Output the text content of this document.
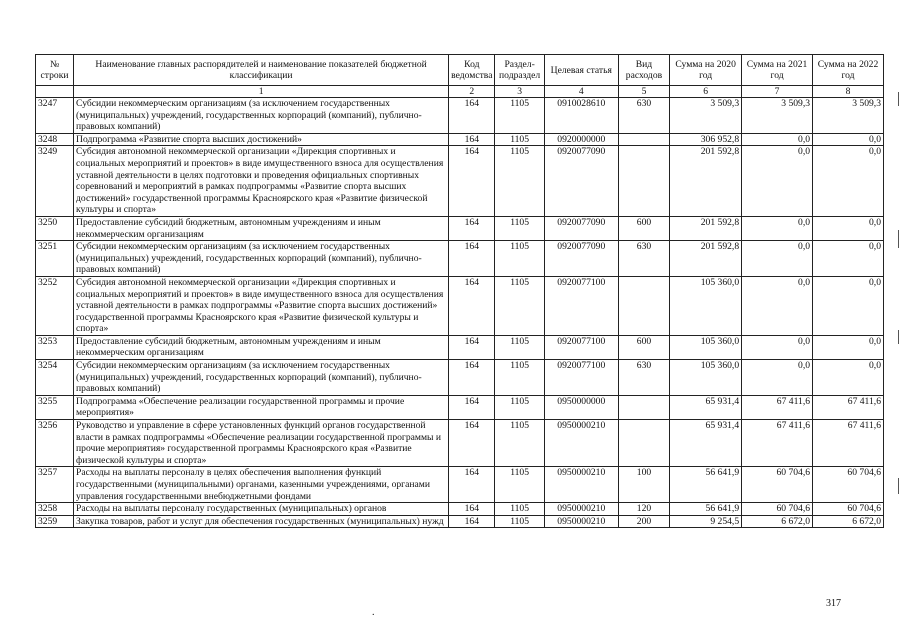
№ строки	Наименование главных распорядителей и наименование показателей бюджетной классификации	Код ведомства	Раздел-подраздел	Целевая статья	Вид расходов	Сумма на 2020 год	Сумма на 2021 год	Сумма на 2022 год
	1	2	3	4	5	6	7	8
3247	Субсидии некоммерческим организациям (за исключением государственных (муниципальных) учреждений, государственных корпораций (компаний), публично-правовых компаний)	164	1105	0910028610	630	3 509,3	3 509,3	3 509,3
3248	Подпрограмма «Развитие спорта высших достижений»	164	1105	0920000000		306 952,8	0,0	0,0
3249	Субсидия автономной некоммерческой организации «Дирекция спортивных и социальных мероприятий и проектов» в виде имущественного взноса для осуществления уставной деятельности в целях подготовки и проведения официальных спортивных соревнований и мероприятий в рамках подпрограммы «Развитие спорта высших достижений» государственной программы Красноярского края «Развитие физической культуры и спорта»	164	1105	0920077090		201 592,8	0,0	0,0
3250	Предоставление субсидий бюджетным, автономным учреждениям и иным некоммерческим организациям	164	1105	0920077090	600	201 592,8	0,0	0,0
3251	Субсидии некоммерческим организациям (за исключением государственных (муниципальных) учреждений, государственных корпораций (компаний), публично-правовых компаний)	164	1105	0920077090	630	201 592,8	0,0	0,0
3252	Субсидия автономной некоммерческой организации «Дирекция спортивных и социальных мероприятий и проектов» в виде имущественного взноса для осуществления уставной деятельности в рамках подпрограммы «Развитие спорта высших достижений» государственной программы Красноярского края «Развитие физической культуры и спорта»	164	1105	0920077100		105 360,0	0,0	0,0
3253	Предоставление субсидий бюджетным, автономным учреждениям и иным некоммерческим организациям	164	1105	0920077100	600	105 360,0	0,0	0,0
3254	Субсидии некоммерческим организациям (за исключением государственных (муниципальных) учреждений, государственных корпораций (компаний), публично-правовых компаний)	164	1105	0920077100	630	105 360,0	0,0	0,0
3255	Подпрограмма «Обеспечение реализации государственной программы и прочие мероприятия»	164	1105	0950000000		65 931,4	67 411,6	67 411,6
3256	Руководство и управление в сфере установленных функций органов государственной власти в рамках подпрограммы «Обеспечение реализации государственной программы и прочие мероприятия» государственной программы Красноярского края «Развитие физической культуры и спорта»	164	1105	0950000210		65 931,4	67 411,6	67 411,6
3257	Расходы на выплаты персоналу в целях обеспечения выполнения функций государственными (муниципальными) органами, казенными учреждениями, органами управления государственными внебюджетными фондами	164	1105	0950000210	100	56 641,9	60 704,6	60 704,6
3258	Расходы на выплаты персоналу государственных (муниципальных) органов	164	1105	0950000210	120	56 641,9	60 704,6	60 704,6
3259	Закупка товаров, работ и услуг для обеспечения государственных (муниципальных) нужд	164	1105	0950000210	200	9 254,5	6 672,0	6 672,0
.
317
